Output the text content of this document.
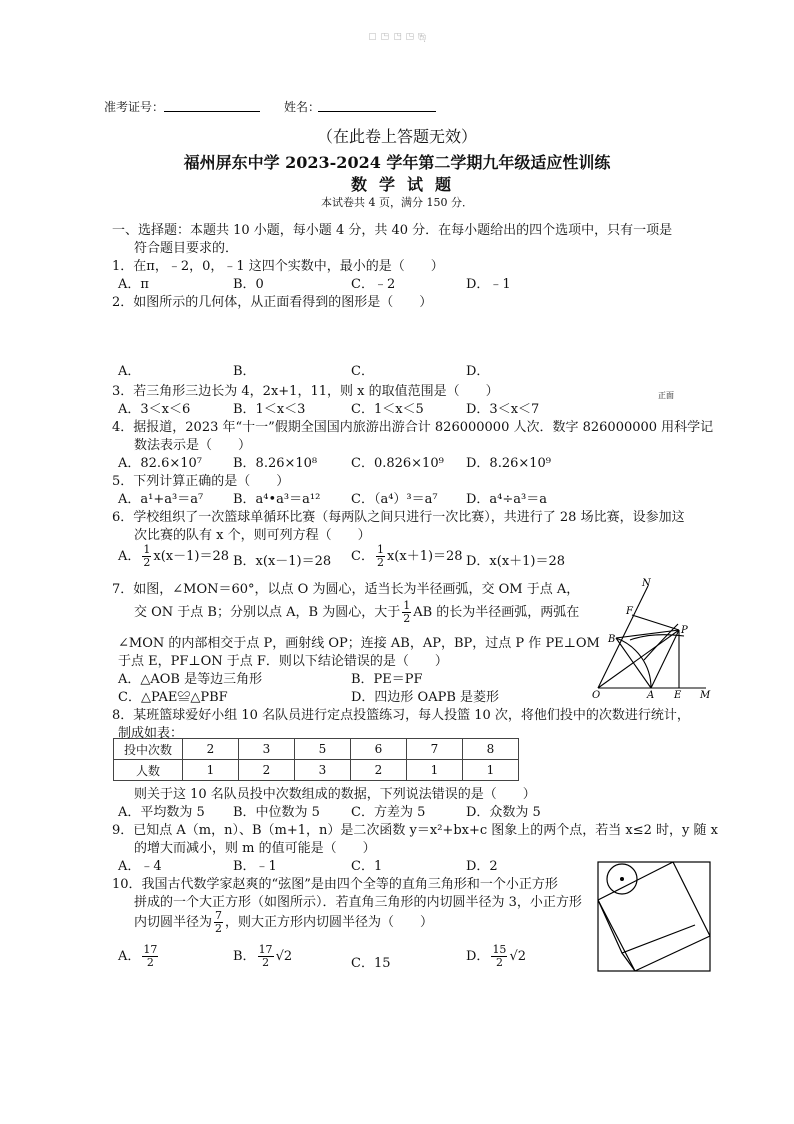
准考证号：	姓名：
（在此卷上答题无效）
福州屏东中学 2023-2024 学年第二学期九年级适应性训练
数学试题
本试卷共 4 页，满分 150 分．
一、选择题：本题共 10 小题，每小题 4 分，共 40 分．在每小题给出的四个选项中，只有一项是
符合题目要求的．
1．在π，﹣2，0，﹣1 这四个实数中，最小的是（　　）
A．π	B．0	C．﹣2	D．﹣1
2．如图所示的几何体，从正面看得到的图形是（　　）
A．	B．	C．	D．
正面
3．若三角形三边长为 4，2x+1，11，则 x 的取值范围是（　　）
A．3＜x＜6	B．1＜x＜3	C．1＜x＜5	D．3＜x＜7
4．据报道，2023 年“十一”假期全国国内旅游出游合计 826000000 人次．数字 826000000 用科学记
数法表示是（　　）
A．82.6×10⁷ B．8.26×10⁸	C．0.826×10⁹ D．8.26×10⁹
5．下列计算正确的是（　　）
A．a¹+a³＝a⁷ B．a⁴•a³＝a¹² C．（a⁴）³＝a⁷ D．a⁴÷a³＝a
6．学校组织了一次篮球单循环比赛（每两队之间只进行一次比赛），共进行了 28 场比赛，设参加这
次比赛的队有 x 个，则可列方程（　　）
A． $\frac{1}{2} x(x-1)=28$ B．x(x－1)＝28 C． $\frac{1}{2} x(x+1)=28$ D．x(x＋1)＝28
7．如图，∠MON＝60°，以点 O 为圆心，适当长为半径画弧，交 OM 于点 A，
交 ON 于点 B；分别以点 A，B 为圆心，大于 $\frac{1}{2}$ AB 的长为半径画弧，两弧在
∠MON 的内部相交于点 P，画射线 OP；连接 AB，AP，BP，过点 P 作 PE⊥OM
于点 E，PF⊥ON 于点 F．则以下结论错误的是（　　）
A．△AOB 是等边三角形	B．PE＝PF
C．△PAE≌△PBF	D．四边形 OAPB 是菱形
N
F
P
B
O	A E M
8．某班篮球爱好小组 10 名队员进行定点投篮练习，每人投篮 10 次，将他们投中的次数进行统计，
制成如表：
投中次数	2	3	5	6	7	8
人数	1	2	3	2	1	1
则关于这 10 名队员投中次数组成的数据，下列说法错误的是（　　）
A．平均数为 5 B．中位数为 5 C．方差为 5	D．众数为 5
9．已知点 A（m，n）、B（m+1，n）是二次函数 y＝x²+bx+c 图象上的两个点，若当 x≤2 时，y 随 x
的增大而减小，则 m 的值可能是（　　）
A．﹣4	B．﹣1	C．1	D．2
10．我国古代数学家赵爽的“弦图”是由四个全等的直角三角形和一个小正方形
拼成的一个大正方形（如图所示）．若直角三角形的内切圆半径为 3，小正方形
内切圆半径为 $\frac{7}{2}$ ，则大正方形内切圆半径为（　　）
A． $\frac{17}{2}$	B． $\frac{17}{2} √2$	C．15	D． $\frac{15}{2} √2$
